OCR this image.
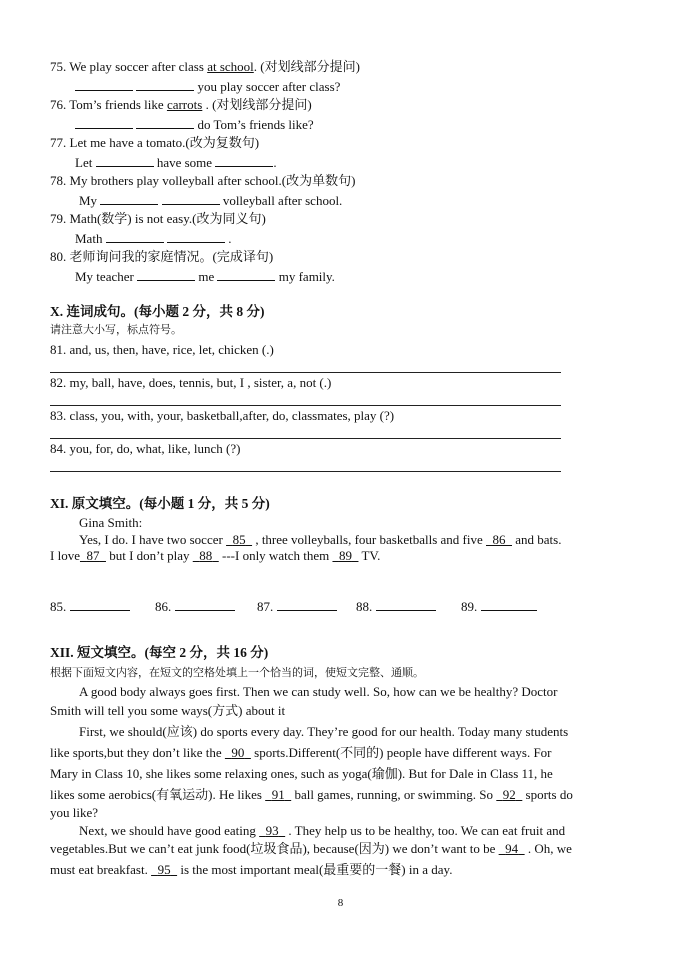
75. We play soccer after class at school. (对划线部分提问)
you play soccer after class?
76. Tom’s friends like carrots . (对划线部分提问)
do Tom’s friends like?
77. Let me have a tomato.(改为复数句)
Let	have some	.
78. My brothers play volleyball after school.(改为单数句)
My	volleyball after school.
79. Math(数学) is not easy.(改为同义句)
Math	.
80. 老师询问我的家庭情况。(完成译句)
My teacher	me	my family.
X. 连词成句。(每小题 2 分，共 8 分)
请注意大小写，标点符号。
81. and, us, then, have, rice, let, chicken (.)
82. my, ball, have, does, tennis, but, I , sister, a, not (.)
83. class, you, with, your, basketball,after, do, classmates, play (?)
84. you, for, do, what, like, lunch (?)
XI. 原文填空。(每小题 1 分，共 5 分)
Gina Smith:
Yes, I do. I have two soccer   85   , three volleyballs, four basketballs and five   86   and bats.
I love 87   but I don’t play   88   ---I only watch them   89   TV.
85.	86.	87.	88.	89.
XII. 短文填空。(每空 2 分，共 16 分)
根据下面短文内容，在短文的空格处填上一个恰当的词，使短文完整、通顺。
A good body always goes first. Then we can study well. So, how can we be healthy? Doctor
Smith will tell you some ways(方式) about it
First, we should(应该) do sports every day. They’re good for our health. Today many students
like sports,but they don’t like the   90   sports.Different(不同的) people have different ways. For
Mary in Class 10, she likes some relaxing ones, such as yoga(瑜伽). But for Dale in Class 11, he
likes some aerobics(有氧运动). He likes   91   ball games, running, or swimming. So   92   sports do
you like?
Next, we should have good eating   93   . They help us to be healthy, too. We can eat fruit and
vegetables.But we can’t eat junk food(垃圾食品), because(因为) we don’t want to be   94   . Oh, we
must eat breakfast.   95   is the most important meal(最重要的一餐) in a day.
8
